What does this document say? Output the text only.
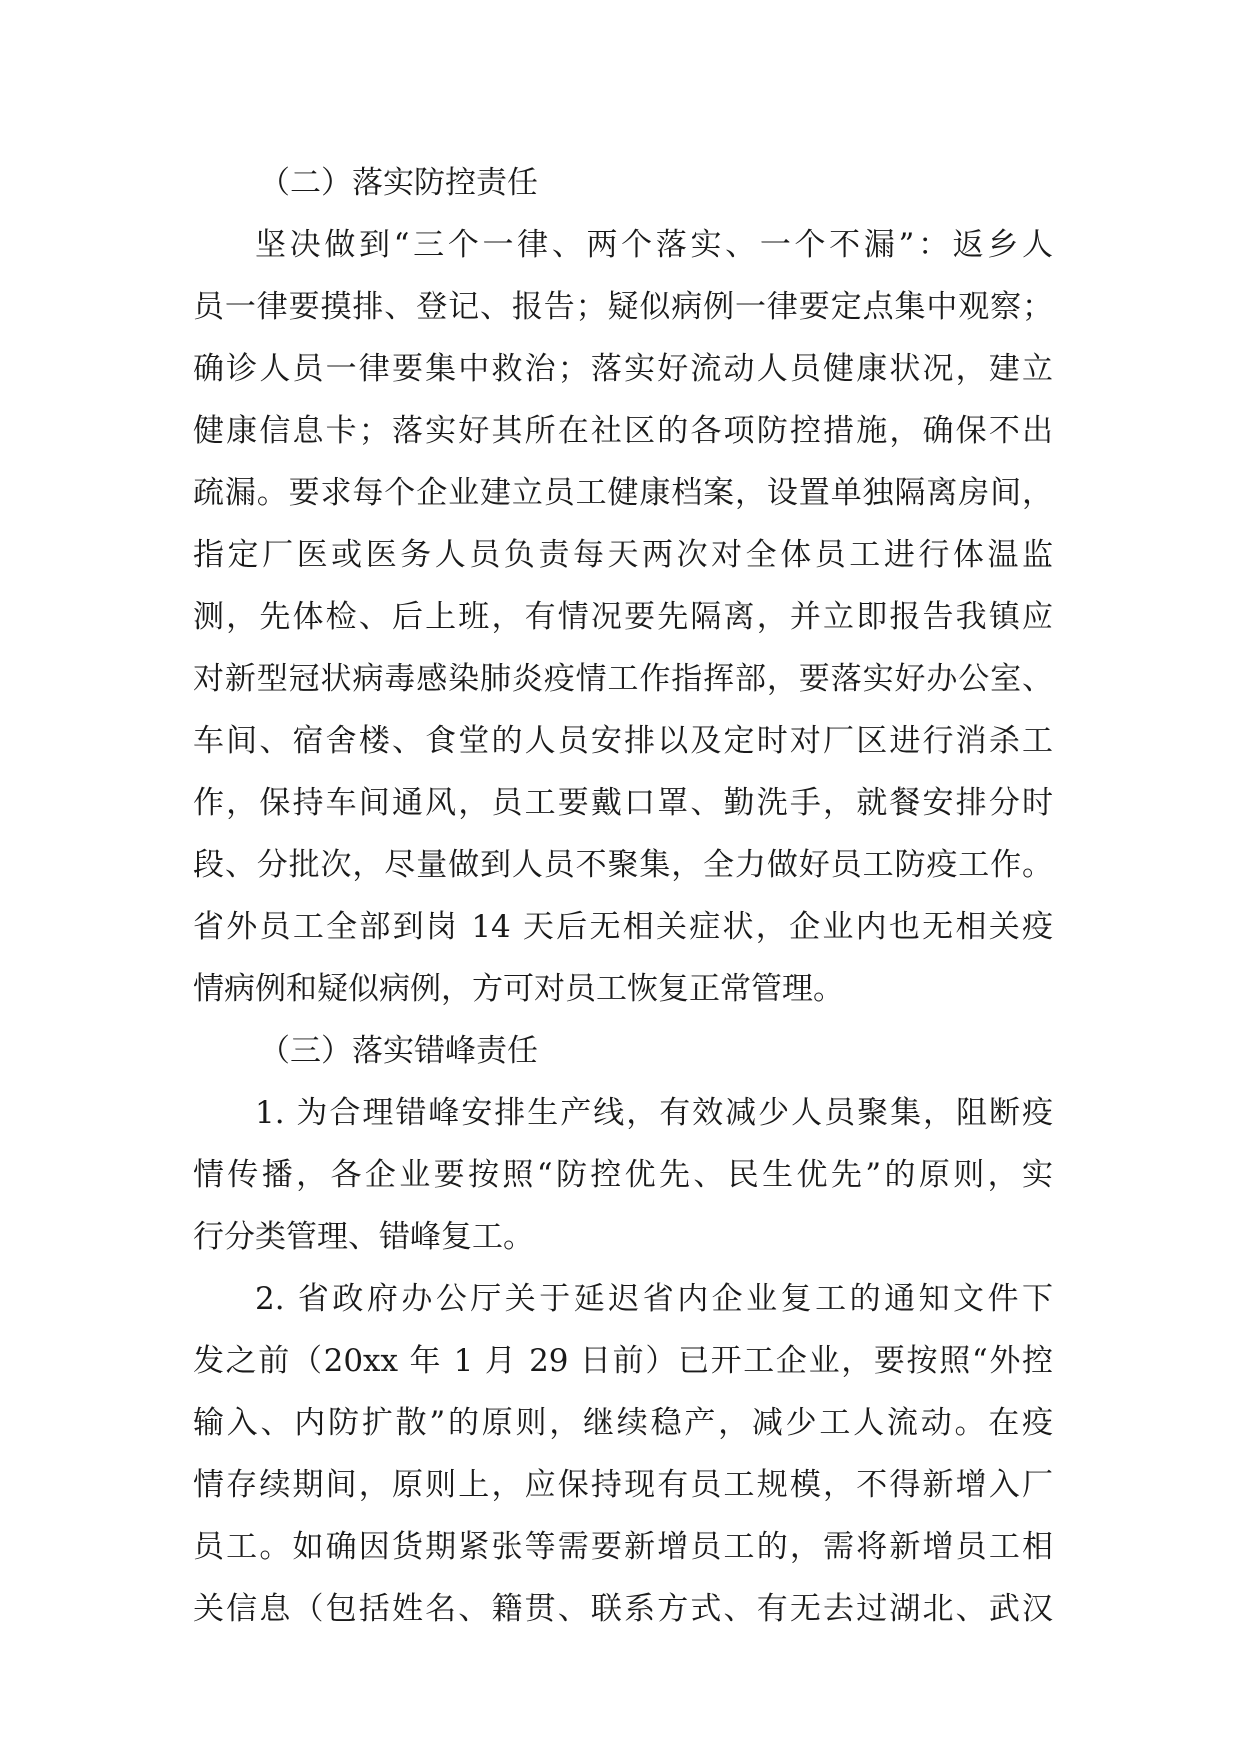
（二）落实防控责任
坚决做到“三个一律、两个落实、一个不漏”：返乡人
员一律要摸排、登记、报告；疑似病例一律要定点集中观察；
确诊人员一律要集中救治；落实好流动人员健康状况，建立
健康信息卡；落实好其所在社区的各项防控措施，确保不出
疏漏。要求每个企业建立员工健康档案，设置单独隔离房间，
指定厂医或医务人员负责每天两次对全体员工进行体温监
测，先体检、后上班，有情况要先隔离，并立即报告我镇应
对新型冠状病毒感染肺炎疫情工作指挥部，要落实好办公室、
车间、宿舍楼、食堂的人员安排以及定时对厂区进行消杀工
作，保持车间通风，员工要戴口罩、勤洗手，就餐安排分时
段、分批次，尽量做到人员不聚集，全力做好员工防疫工作。
省外员工全部到岗 14 天后无相关症状，企业内也无相关疫
情病例和疑似病例，方可对员工恢复正常管理。
（三）落实错峰责任
1. 为合理错峰安排生产线，有效减少人员聚集，阻断疫
情传播，各企业要按照“防控优先、民生优先”的原则，实
行分类管理、错峰复工。
2. 省政府办公厅关于延迟省内企业复工的通知文件下
发之前（20xx 年 1 月 29 日前）已开工企业，要按照“外控
输入、内防扩散”的原则，继续稳产，减少工人流动。在疫
情存续期间，原则上，应保持现有员工规模，不得新增入厂
员工。如确因货期紧张等需要新增员工的，需将新增员工相
关信息（包括姓名、籍贯、联系方式、有无去过湖北、武汉
